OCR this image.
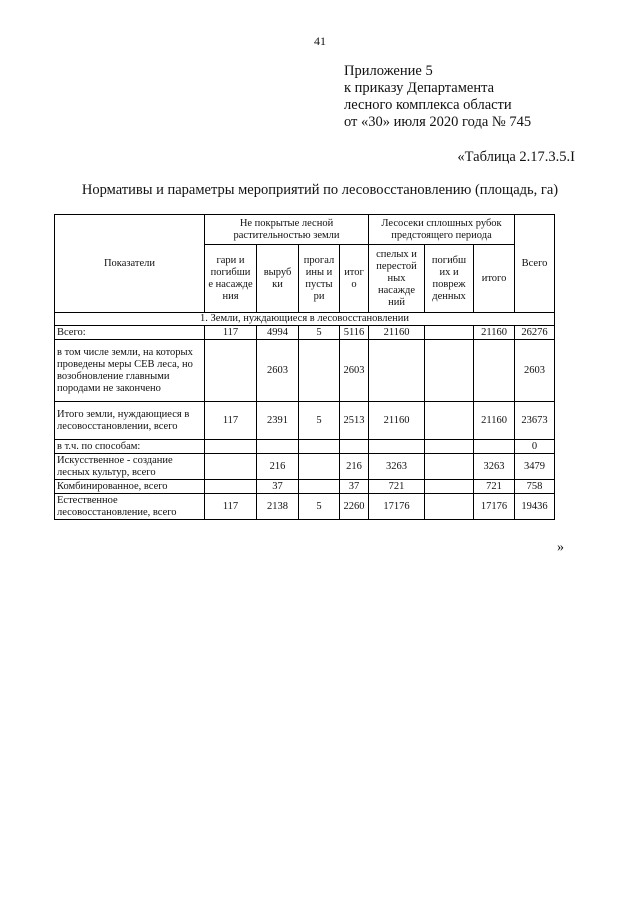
41
Приложение 5
к приказу Департамента
лесного комплекса области
от «30» июля 2020 года № 745
«Таблица 2.17.3.5.I
Нормативы и параметры мероприятий по лесовосстановлению (площадь, га)
Показатели	Не покрытые лесной растительностью земли				Лесосеки сплошных рубок предстоящего периода			Всего
	гари и погибши е насажде ния	выруб ки	прогал ины и пусты ри	итог о	спелых и перестой ных насажде ний	погибш их и повреж денных	итого	
1. Земли, нуждающиеся в лесовосстановлении								
Всего:	117	4994	5	5116	21160		21160	26276
в том числе земли, на которых проведены меры СЕВ леса, но возобновление главными породами не закончено		2603		2603				2603
Итого земли, нуждающиеся в лесовосстановлении, всего	117	2391	5	2513	21160		21160	23673
в т.ч. по способам:								0
Искусственное - создание лесных культур, всего		216		216	3263		3263	3479
Комбинированное, всего		37		37	721		721	758
Естественное лесовосстановление, всего	117	2138	5	2260	17176		17176	19436
»
